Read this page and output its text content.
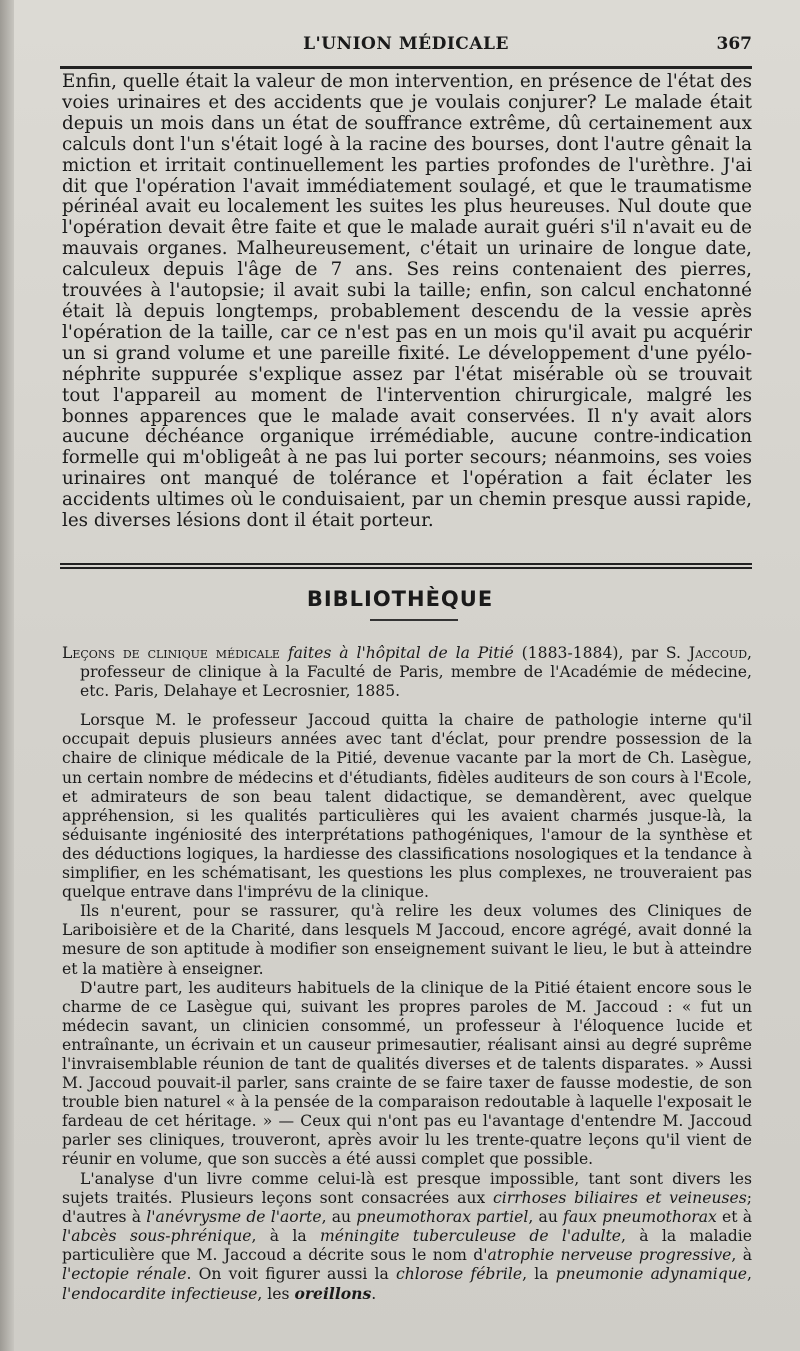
L'UNION MÉDICALE	367

Enfin, quelle était la valeur de mon intervention, en présence de l'état des voies urinaires et des accidents que je voulais conjurer? Le malade était depuis un mois dans un état de souffrance extrême, dû certainement aux calculs dont l'un s'était logé à la racine des bourses, dont l'autre gênait la miction et irritait continuellement les parties profondes de l'urèthre. J'ai dit que l'opération l'avait immédiatement soulagé, et que le traumatisme périnéal avait eu localement les suites les plus heureuses. Nul doute que l'opération devait être faite et que le malade aurait guéri s'il n'avait eu de mauvais organes. Malheureusement, c'était un urinaire de longue date, calculeux depuis l'âge de 7 ans. Ses reins contenaient des pierres, trouvées à l'autopsie; il avait subi la taille; enfin, son calcul enchatonné était là depuis longtemps, probablement descendu de la vessie après l'opération de la taille, car ce n'est pas en un mois qu'il avait pu acquérir un si grand volume et une pareille fixité. Le développement d'une pyélo-néphrite suppurée s'explique assez par l'état misérable où se trouvait tout l'appareil au moment de l'intervention chirurgicale, malgré les bonnes apparences que le malade avait conservées. Il n'y avait alors aucune déchéance organique irrémédiable, aucune contre-indication formelle qui m'obligeât à ne pas lui porter secours; néanmoins, ses voies urinaires ont manqué de tolérance et l'opération a fait éclater les accidents ultimes où le conduisaient, par un chemin presque aussi rapide, les diverses lésions dont il était porteur.

BIBLIOTHÈQUE

Leçons de clinique médicale faites à l'hôpital de la Pitié (1883-1884), par S. Jaccoud, professeur de clinique à la Faculté de Paris, membre de l'Académie de médecine, etc. Paris, Delahaye et Lecrosnier, 1885.

Lorsque M. le professeur Jaccoud quitta la chaire de pathologie interne qu'il occupait depuis plusieurs années avec tant d'éclat, pour prendre possession de la chaire de clinique médicale de la Pitié, devenue vacante par la mort de Ch. Lasègue, un certain nombre de médecins et d'étudiants, fidèles auditeurs de son cours à l'Ecole, et admirateurs de son beau talent didactique, se demandèrent, avec quelque appréhension, si les qualités particulières qui les avaient charmés jusque-là, la séduisante ingéniosité des interprétations pathogéniques, l'amour de la synthèse et des déductions logiques, la hardiesse des classifications nosologiques et la tendance à simplifier, en les schématisant, les questions les plus complexes, ne trouveraient pas quelque entrave dans l'imprévu de la clinique.

Ils n'eurent, pour se rassurer, qu'à relire les deux volumes des Cliniques de Lariboisière et de la Charité, dans lesquels M Jaccoud, encore agrégé, avait donné la mesure de son aptitude à modifier son enseignement suivant le lieu, le but à atteindre et la matière à enseigner.

D'autre part, les auditeurs habituels de la clinique de la Pitié étaient encore sous le charme de ce Lasègue qui, suivant les propres paroles de M. Jaccoud : « fut un médecin savant, un clinicien consommé, un professeur à l'éloquence lucide et entraînante, un écrivain et un causeur primesautier, réalisant ainsi au degré suprême l'invraisemblable réunion de tant de qualités diverses et de talents disparates. » Aussi M. Jaccoud pouvait-il parler, sans crainte de se faire taxer de fausse modestie, de son trouble bien naturel « à la pensée de la comparaison redoutable à laquelle l'exposait le fardeau de cet héritage. » — Ceux qui n'ont pas eu l'avantage d'entendre M. Jaccoud parler ses cliniques, trouveront, après avoir lu les trente-quatre leçons qu'il vient de réunir en volume, que son succès a été aussi complet que possible.

L'analyse d'un livre comme celui-là est presque impossible, tant sont divers les sujets traités. Plusieurs leçons sont consacrées aux cirrhoses biliaires et veineuses; d'autres à l'anévrysme de l'aorte, au pneumothorax partiel, au faux pneumothorax et à l'abcès sous-phrénique, à la méningite tuberculeuse de l'adulte, à la maladie particulière que M. Jaccoud a décrite sous le nom d'atrophie nerveuse progressive, à l'ectopie rénale. On voit figurer aussi la chlorose fébrile, la pneumonie adynamique, l'endocardite infectieuse, les oreillons.
